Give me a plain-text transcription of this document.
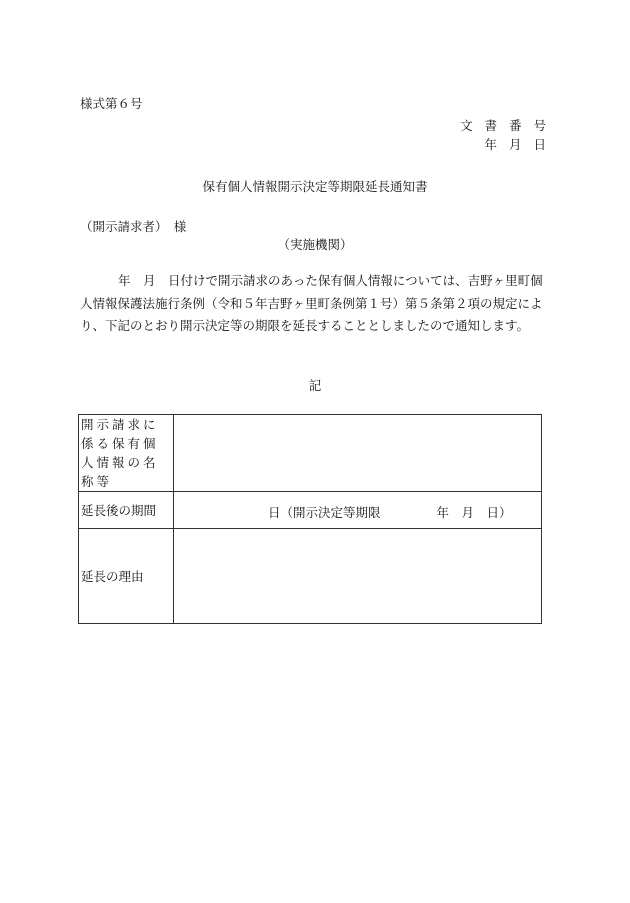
様式第６号
文 書 番 号
年 月 日
保有個人情報開示決定等期限延長通知書
（開示請求者）　様
（実施機関）
年　月　日付けで開示請求のあった保有個人情報については、吉野ヶ里町個人情報保護法施行条例（令和５年吉野ヶ里町条例第１号）第５条第２項の規定により、下記のとおり開示決定等の期限を延長することとしましたので通知します。
記
開示請求に係る保有個人情報の名称等	
延長後の期間	日（開示決定等期限 年　月　日）

延長の理由	
